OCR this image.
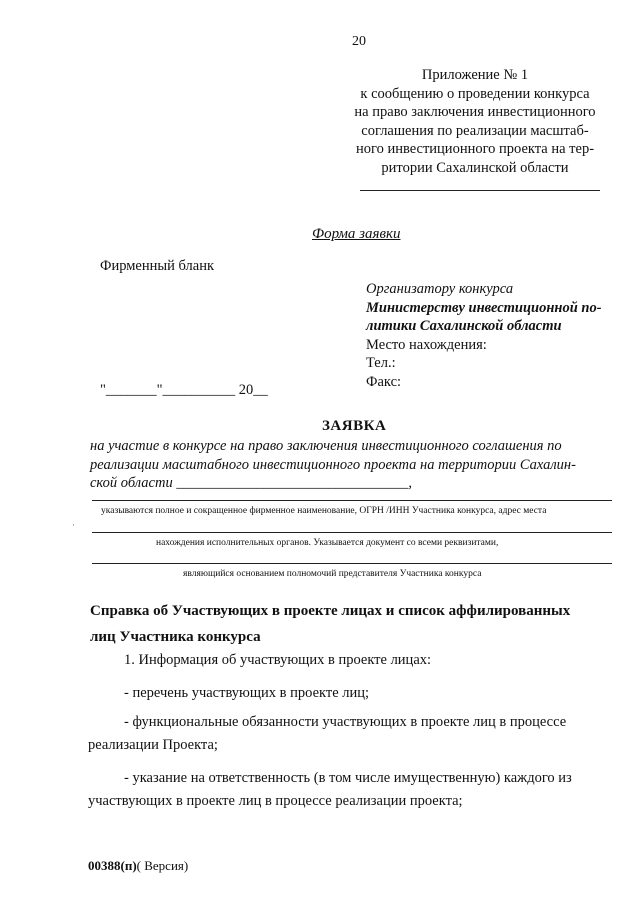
20
Приложение № 1
к сообщению о проведении конкурса
на право заключения инвестиционного
соглашения по реализации масштаб-
ного инвестиционного проекта на тер-
ритории Сахалинской области
Форма заявки
Фирменный бланк
Организатору конкурса
Министерству инвестиционной по-
литики Сахалинской области
Место нахождения:
Тел.:
Факс:
"_______"__________ 20__
ЗАЯВКА
на участие в конкурсе на право заключения инвестиционного соглашения по
реализации масштабного инвестиционного проекта на территории Сахалин-
ской области ________________________________,
указываются полное и сокращенное фирменное наименование, ОГРН /ИНН Участника конкурса, адрес места
нахождения исполнительных органов. Указывается документ со всеми реквизитами,
являющийся основанием полномочий представителя Участника конкурса
Справка об Участвующих в проекте лицах и список аффилированных
лиц Участника конкурса
1. Информация об участвующих в проекте лицах:
- перечень участвующих в проекте лиц;
- функциональные обязанности участвующих в проекте лиц в процессе
реализации Проекта;
- указание на ответственность (в том числе имущественную) каждого из
участвующих в проекте лиц в процессе реализации проекта;
00388(п)( Версия)
·
